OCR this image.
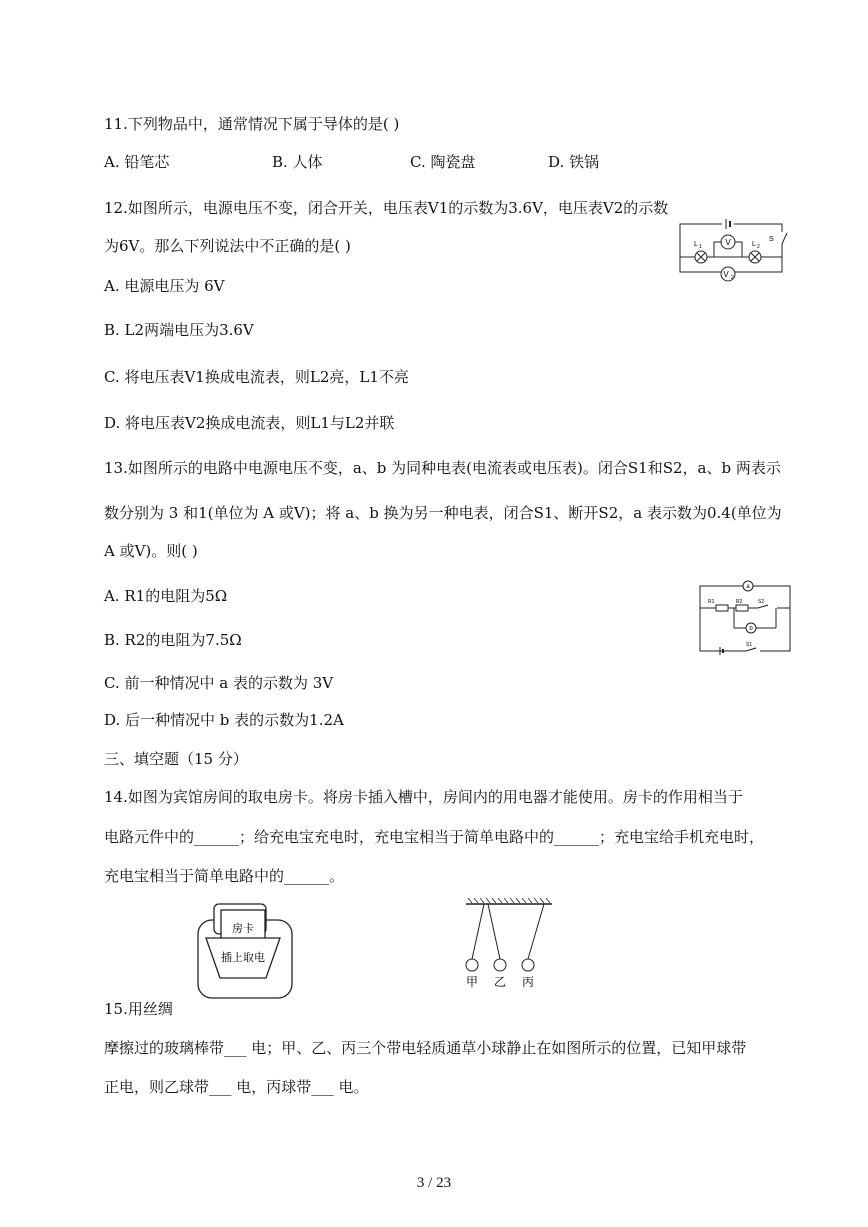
11.下列物品中，通常情况下属于导体的是( )
A. 铅笔芯	B. 人体	C. 陶瓷盘	D. 铁锅
12.如图所示，电源电压不变，闭合开关，电压表V1的示数为3.6V，电压表V2的示数
为6V。那么下列说法中不正确的是( )
A. 电源电压为 6V
B. L2两端电压为3.6V
C. 将电压表V1换成电流表，则L2亮，L1不亮
D. 将电压表V2换成电流表，则L1与L2并联
V
V 2
L 1	L 2
S
13.如图所示的电路中电源电压不变，a、b 为同种电表(电流表或电压表)。闭合S1和S2，a、b 两表示
数分别为 3 和1(单位为 A 或V)；将 a、b 换为另一种电表，闭合S1、断开S2，a 表示数为0.4(单位为
A 或V)。则( )
A. R1的电阻为5Ω
B. R2的电阻为7.5Ω
C. 前一种情况中 a 表的示数为 3V
D. 后一种情况中 b 表的示数为1.2A
a
b
R1	R2	S2
S1
三、填空题（15 分）
14.如图为宾馆房间的取电房卡。将房卡插入槽中，房间内的用电器才能使用。房卡的作用相当于
电路元件中的______；给充电宝充电时，充电宝相当于简单电路中的______；充电宝给手机充电时，
充电宝相当于简单电路中的______。
房卡
插上取电
甲 乙 丙
15.用丝绸
摩擦过的玻璃棒带___ 电；甲、乙、丙三个带电轻质通草小球静止在如图所示的位置，已知甲球带
正电，则乙球带___ 电，丙球带___ 电。
3 / 23
